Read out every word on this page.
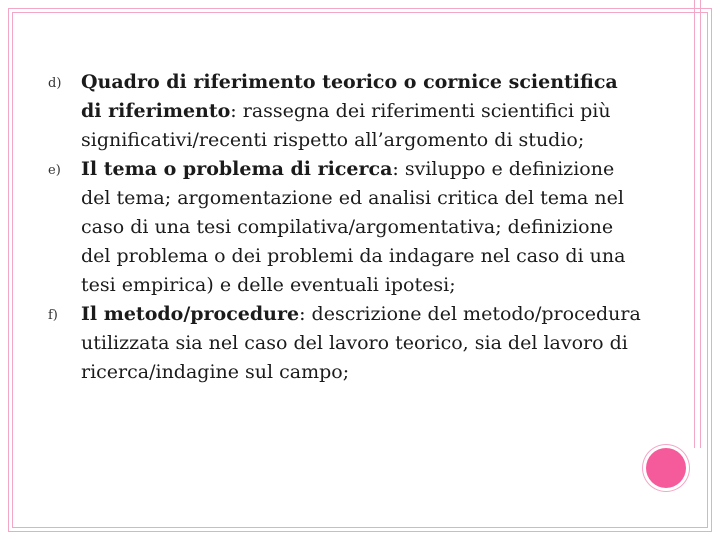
d) Quadro di riferimento teorico o cornice scientifica di riferimento: rassegna dei riferimenti scientifici più significativi/recenti rispetto all’argomento di studio;
e) Il tema o problema di ricerca: sviluppo e definizione del tema; argomentazione ed analisi critica del tema nel caso di una tesi compilativa/argomentativa; definizione del problema o dei problemi da indagare nel caso di una tesi empirica) e delle eventuali ipotesi;
f) Il metodo/procedure: descrizione del metodo/procedura utilizzata sia nel caso del lavoro teorico, sia del lavoro di ricerca/indagine sul campo;
